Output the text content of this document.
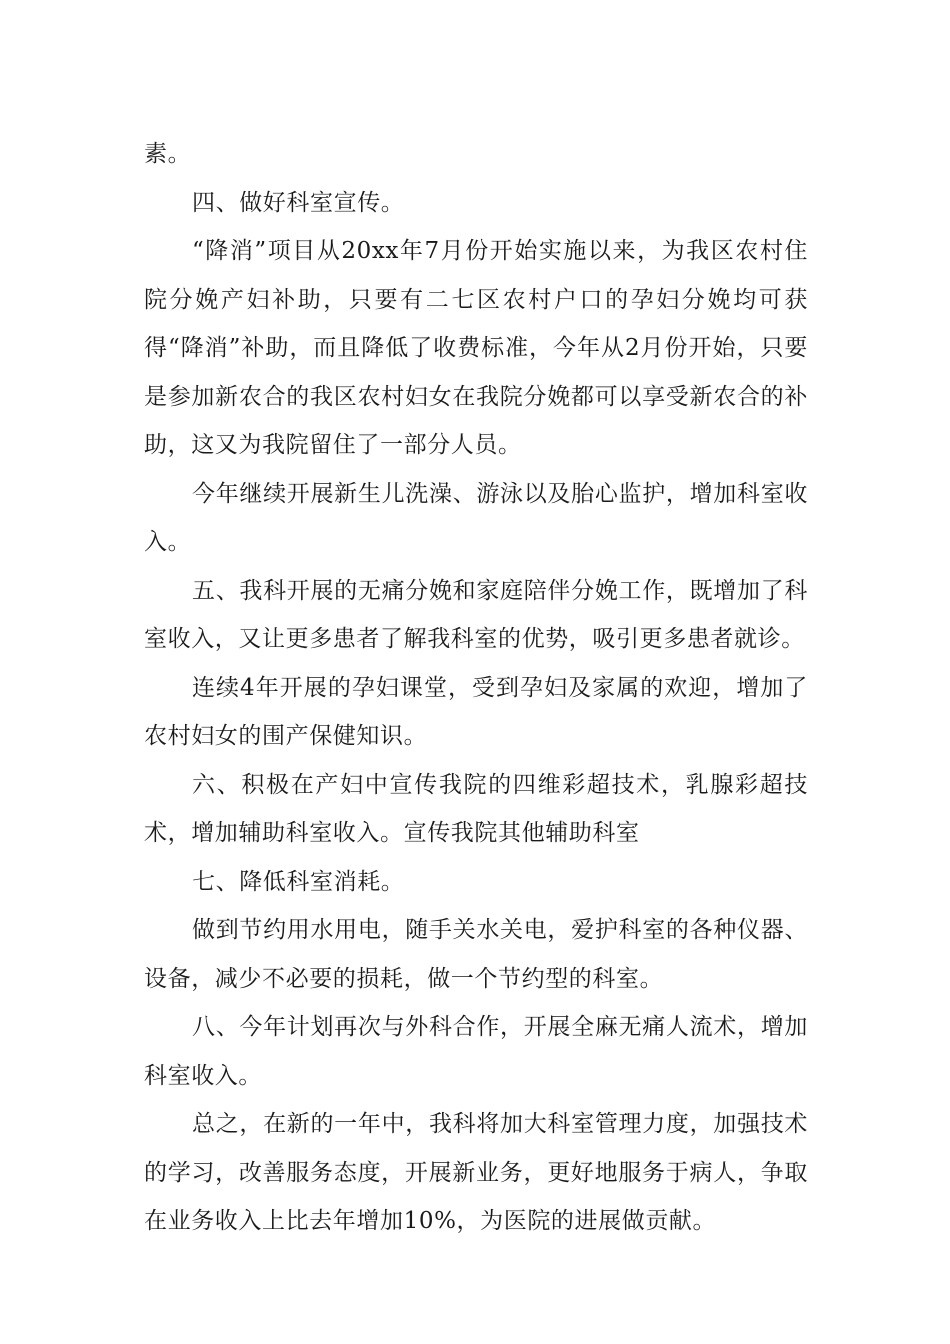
素。

四、做好科室宣传。

“降消”项目从20xx年7月份开始实施以来，为我区农村住院分娩产妇补助，只要有二七区农村户口的孕妇分娩均可获得“降消”补助，而且降低了收费标准，今年从2月份开始，只要是参加新农合的我区农村妇女在我院分娩都可以享受新农合的补助，这又为我院留住了一部分人员。

今年继续开展新生儿洗澡、游泳以及胎心监护，增加科室收入。

五、我科开展的无痛分娩和家庭陪伴分娩工作，既增加了科室收入，又让更多患者了解我科室的优势，吸引更多患者就诊。

连续4年开展的孕妇课堂，受到孕妇及家属的欢迎，增加了农村妇女的围产保健知识。

六、积极在产妇中宣传我院的四维彩超技术，乳腺彩超技术，增加辅助科室收入。宣传我院其他辅助科室

七、降低科室消耗。

做到节约用水用电，随手关水关电，爱护科室的各种仪器、设备，减少不必要的损耗，做一个节约型的科室。

八、今年计划再次与外科合作，开展全麻无痛人流术，增加科室收入。

总之，在新的一年中，我科将加大科室管理力度，加强技术的学习，改善服务态度，开展新业务，更好地服务于病人，争取在业务收入上比去年增加10%，为医院的进展做贡献。
